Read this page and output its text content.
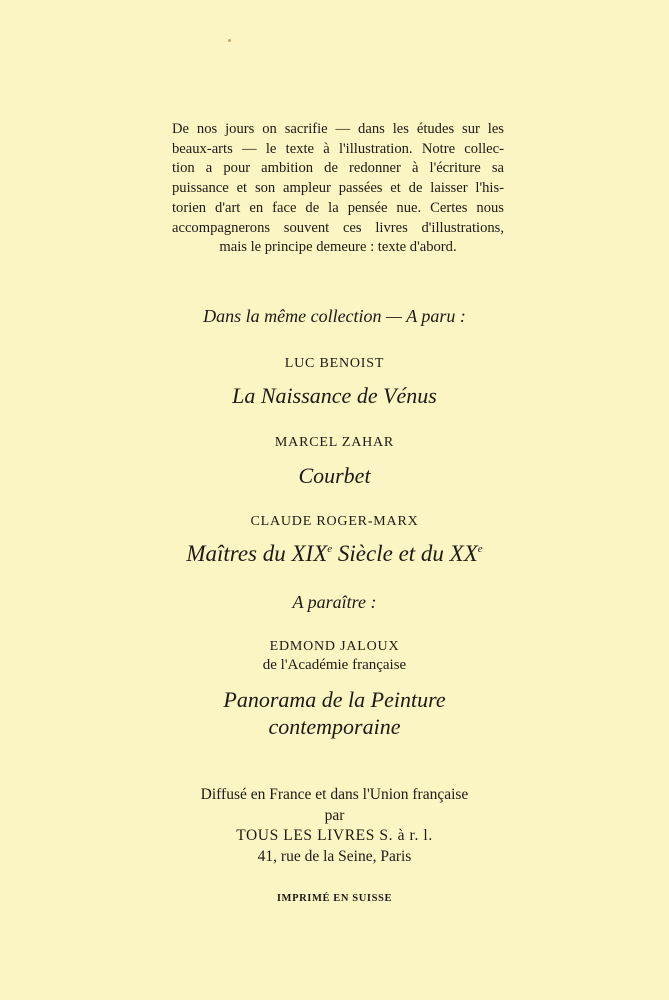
De nos jours on sacrifie — dans les études sur les
beaux-arts — le texte à l'illustration. Notre collec-
tion a pour ambition de redonner à l'écriture sa
puissance et son ampleur passées et de laisser l'his-
torien d'art en face de la pensée nue. Certes nous
accompagnerons souvent ces livres d'illustrations,
mais le principe demeure : texte d'abord.
Dans la même collection — A paru :
LUC BENOIST
La Naissance de Vénus
MARCEL ZAHAR
Courbet
CLAUDE ROGER-MARX
Maîtres du XIXe Siècle et du XXe
A paraître :
EDMOND JALOUX
de l'Académie française
Panorama de la Peinture
contemporaine
Diffusé en France et dans l'Union française
par
TOUS LES LIVRES S. à r. l.
41, rue de la Seine, Paris
IMPRIMÉ EN SUISSE
